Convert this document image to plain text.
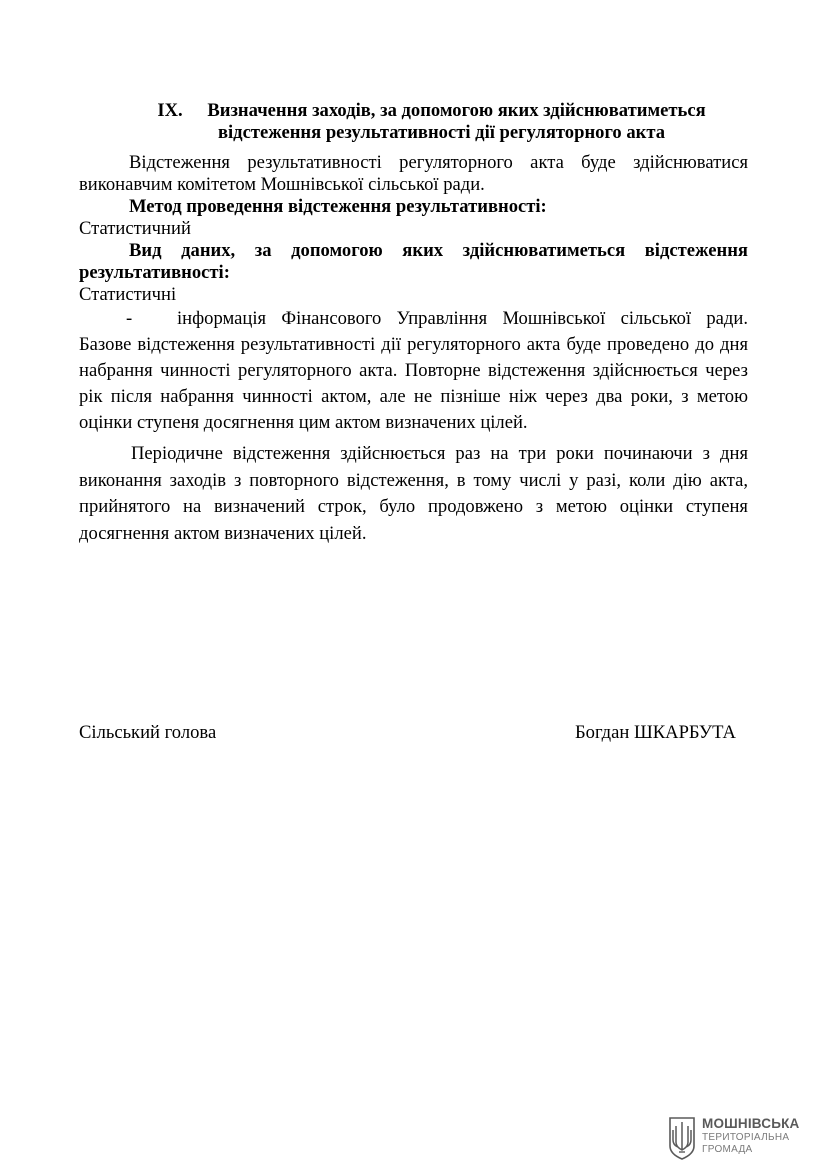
IX. Визначення заходів, за допомогою яких здійснюватиметься
відстеження результативності дії регуляторного акта

Відстеження результативності регуляторного акта буде здійснюватися виконавчим комітетом Мошнівської сільської ради.

Метод проведення відстеження результативності:

Статистичний

Вид даних, за допомогою яких здійснюватиметься відстеження результативності:

Статистичні

- інформація Фінансового Управління Мошнівської сільської ради. Базове відстеження результативності дії регуляторного акта буде проведено до дня набрання чинності регуляторного акта. Повторне відстеження здійснюється через рік після набрання чинності актом, але не пізніше ніж через два роки, з метою оцінки ступеня досягнення цим актом визначених цілей.

Періодичне відстеження здійснюється раз на три роки починаючи з дня виконання заходів з повторного відстеження, в тому числі у разі, коли дію акта, прийнятого на визначений строк, було продовжено з метою оцінки ступеня досягнення актом визначених цілей.

Сільський голова	Богдан ШКАРБУТА
МОШНІВСЬКА
ТЕРИТОРІАЛЬНА
ГРОМАДА
